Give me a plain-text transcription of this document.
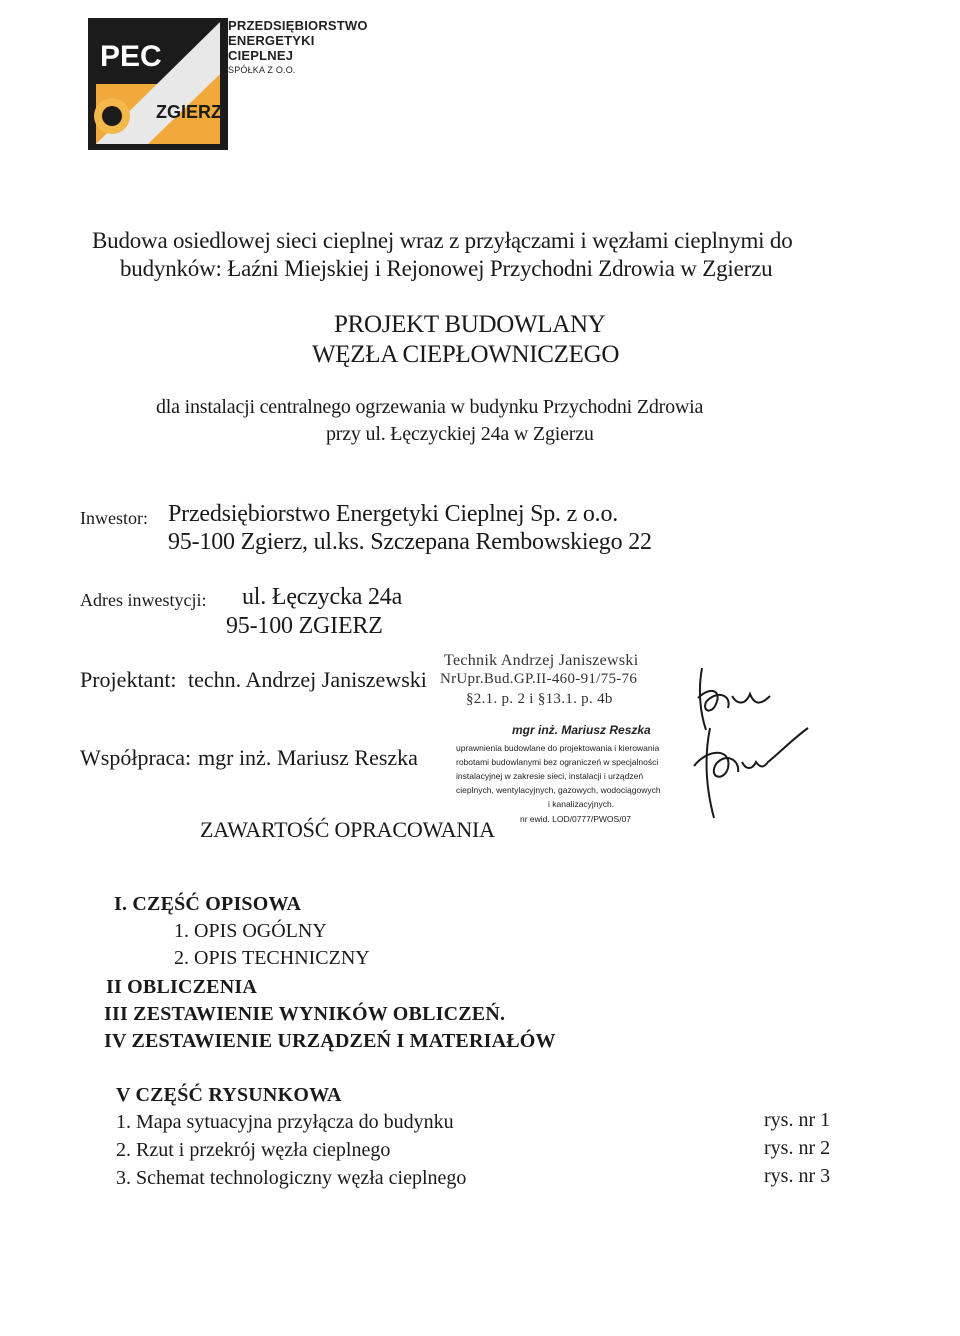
PEC
ZGIERZ
PRZEDSIĘBIORSTWO
ENERGETYKI
CIEPLNEJ
SPÓŁKA Z O.O.
Budowa osiedlowej sieci cieplnej wraz z przyłączami i węzłami cieplnymi do
budynków: Łaźni Miejskiej i Rejonowej Przychodni Zdrowia w Zgierzu
PROJEKT BUDOWLANY
WĘZŁA CIEPŁOWNICZEGO
dla instalacji centralnego ogrzewania w budynku Przychodni Zdrowia
przy ul. Łęczyckiej 24a w Zgierzu
Inwestor: Przedsiębiorstwo Energetyki Cieplnej Sp. z o.o.
95-100 Zgierz, ul.ks. Szczepana Rembowskiego 22
Adres inwestycji: ul. Łęczycka 24a
95-100 ZGIERZ
Projektant: techn. Andrzej Janiszewski
Technik Andrzej Janiszewski
NrUpr.Bud.GP.II-460-91/75-76
§2.1. p. 2 i §13.1. p. 4b
Współpraca: mgr inż. Mariusz Reszka
mgr inż. Mariusz Reszka
uprawnienia budowlane do projektowania i kierowania
robotami budowlanymi bez ograniczeń w specjalności
instalacyjnej w zakresie sieci, instalacji i urządzeń
cieplnych, wentylacyjnych, gazowych, wodociągowych
i kanalizacyjnych.
nr ewid. LOD/0777/PWOS/07
ZAWARTOŚĆ OPRACOWANIA
I. CZĘŚĆ OPISOWA
1. OPIS OGÓLNY
2. OPIS TECHNICZNY
II OBLICZENIA
III ZESTAWIENIE WYNIKÓW OBLICZEŃ.
IV ZESTAWIENIE URZĄDZEŃ I MATERIAŁÓW
V CZĘŚĆ RYSUNKOWA
1. Mapa sytuacyjna przyłącza do budynku	rys. nr 1
2. Rzut i przekrój węzła cieplnego	rys. nr 2
3. Schemat technologiczny węzła cieplnego	rys. nr 3
